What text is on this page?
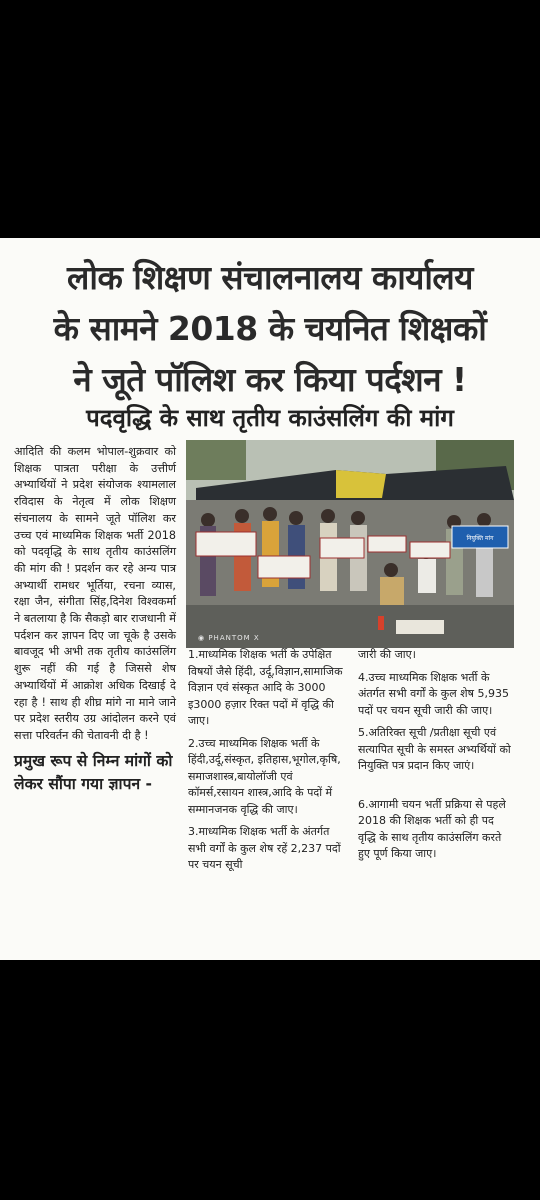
लोक शिक्षण संचालनालय कार्यालय
के सामने 2018 के चयनित शिक्षकों
ने जूते पॉलिश कर किया पर्दशन !
पदवृद्धि के साथ तृतीय काउंसलिंग की मांग
आदिति की कलम भोपाल-शुक्रवार को शिक्षक पात्रता परीक्षा के उत्तीर्ण अभ्यार्थियों ने प्रदेश संयोजक श्यामलाल रविदास के नेतृत्व में लोक शिक्षण संचनालय के सामने जूते पॉलिश कर उच्च एवं माध्यमिक शिक्षक भर्ती 2018 को पदवृद्धि के साथ तृतीय काउंसलिंग की मांग की ! प्रदर्शन कर रहे अन्य पात्र अभ्यार्थी रामधर भूर्तिया, रचना व्यास, रक्षा जैन, संगीता सिंह,दिनेश विश्वकर्मा ने बतलाया है कि सैकड़ो बार राजधानी में पर्दशन कर ज्ञापन दिए जा चूके है उसके बावजूद भी अभी तक तृतीय काउंसलिंग शुरू नहीं की गई है जिससे शेष अभ्यार्थियों में आक्रोश अधिक दिखाई दे रहा है ! साथ ही शीघ्र मांगे ना माने जाने पर प्रदेश स्तरीय उग्र आंदोलन करने एवं सत्ता परिवर्तन की चेतावनी दी है !
प्रमुख रूप से निम्न मांगों को लेकर सौंपा गया ज्ञापन -
नियुक्ति मांग
◉ PHANTOM X

1.माध्यमिक शिक्षक भर्ती के उपेक्षित विषयों जैसे हिंदी, उर्दू,विज्ञान,सामाजिक विज्ञान एवं संस्कृत आदि के 3000 इ3000 हज़ार रिक्त पदों में वृद्धि की जाए।

2.उच्च माध्यमिक शिक्षक भर्ती के हिंदी,उर्दू,संस्कृत, इतिहास,भूगोल,कृषि, समाजशास्त्र,बायोलॉजी एवं कॉमर्स,रसायन शास्त्र,आदि के पदों में सम्मानजनक वृद्धि की जाए।

3.माध्यमिक शिक्षक भर्ती के अंतर्गत सभी वर्गों के कुल शेष रहें 2,237 पदों पर चयन सूची

जारी की जाए।

4.उच्च माध्यमिक शिक्षक भर्ती के अंतर्गत सभी वर्गों के कुल शेष 5,935 पदों पर चयन सूची जारी की जाए।

5.अतिरिक्त सूची /प्रतीक्षा सूची एवं सत्यापित सूची के समस्त अभ्यर्थियों को नियुक्ति पत्र प्रदान किए जाएं।

6.आगामी चयन भर्ती प्रक्रिया से पहले 2018 की शिक्षक भर्ती को ही पद वृद्धि के साथ तृतीय काउंसलिंग करते हुए पूर्ण किया जाए।
